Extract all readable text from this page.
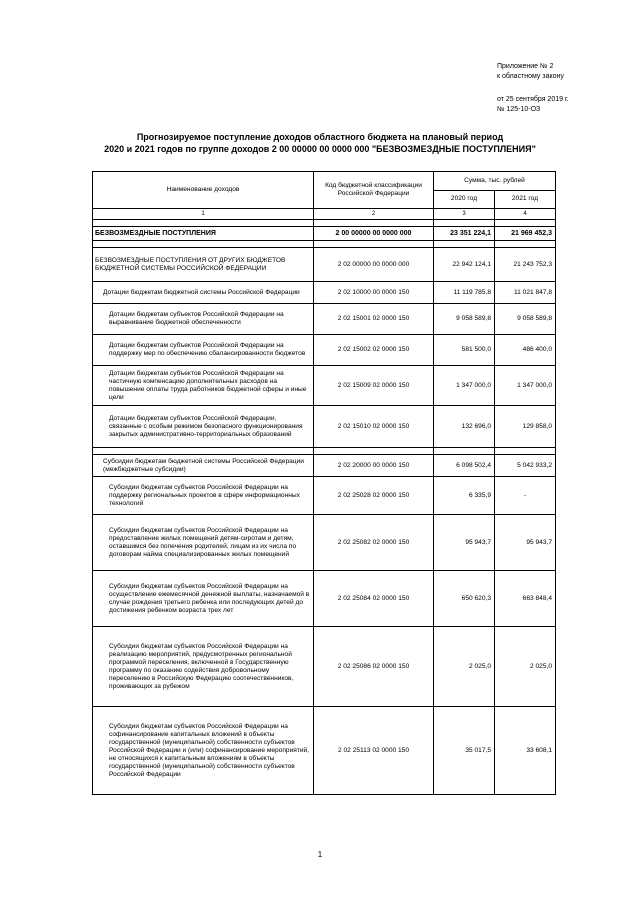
Приложение № 2
к областному закону
от 25 сентября 2019 г.
№ 125-10-ОЗ
Прогнозируемое поступление доходов областного бюджета на плановый период
2020 и 2021 годов по группе доходов 2 00 00000 00 0000 000 "БЕЗВОЗМЕЗДНЫЕ ПОСТУПЛЕНИЯ"
Наименование доходов	Код бюджетной классификации Российской Федерации	Сумма, тыс. рублей	
		2020 год	2021 год
1	2	3	4

БЕЗВОЗМЕЗДНЫЕ ПОСТУПЛЕНИЯ	2 00 00000 00 0000 000	23 351 224,1	21 969 452,3

БЕЗВОЗМЕЗДНЫЕ ПОСТУПЛЕНИЯ ОТ ДРУГИХ БЮДЖЕТОВ БЮДЖЕТНОЙ СИСТЕМЫ РОССИЙСКОЙ ФЕДЕРАЦИИ	2 02 00000 00 0000 000	22 942 124,1	21 243 752,3
Дотации бюджетам бюджетной системы Российской Федерации	2 02 10000 00 0000 150	11 119 785,8	11 021 847,8
Дотации бюджетам субъектов Российской Федерации на выравнивание бюджетной обеспеченности	2 02 15001 02 0000 150	9 058 589,8	9 058 589,8
Дотации бюджетам субъектов Российской Федерации на поддержку мер по обеспечению сбалансированности бюджетов	2 02 15002 02 0000 150	581 500,0	486 400,0
Дотации бюджетам субъектов Российской Федерации на частичную компенсацию дополнительных расходов на повышение оплаты труда работников бюджетной сферы и иные цели	2 02 15009 02 0000 150	1 347 000,0	1 347 000,0
Дотации бюджетам субъектов Российской Федерации, связанные с особым режимом безопасного функционирования закрытых административно-территориальных образований	2 02 15010 02 0000 150	132 696,0	129 858,0

Субсидии бюджетам бюджетной системы Российской Федерации (межбюджетные субсидии)	2 02 20000 00 0000 150	6 098 502,4	5 042 933,2
Субсидии бюджетам субъектов Российской Федерации на поддержку региональных проектов в сфере информационных технологий	2 02 25028 02 0000 150	6 335,9	-
Субсидии бюджетам субъектов Российской Федерации на предоставление жилых помещений детям-сиротам и детям, оставшимся без попечения родителей, лицам из их числа по договорам найма специализированных жилых помещений	2 02 25082 02 0000 150	95 943,7	95 943,7
Субсидии бюджетам субъектов Российской Федерации на осуществление ежемесячной денежной выплаты, назначаемой в случае рождения третьего ребенка или последующих детей до достижения ребенком возраста трех лет	2 02 25084 02 0000 150	650 620,3	663 848,4
Субсидии бюджетам субъектов Российской Федерации на реализацию мероприятий, предусмотренных региональной программой переселения, включенной в Государственную программу по оказанию содействия добровольному переселению в Российскую Федерацию соотечественников, проживающих за рубежом	2 02 25086 02 0000 150	2 025,0	2 025,0
Субсидии бюджетам субъектов Российской Федерации на софинансирование капитальных вложений в объекты государственной (муниципальной) собственности субъектов Российской Федерации и (или) софинансирование мероприятий, не относящихся к капитальным вложениям в объекты государственной (муниципальной) собственности субъектов Российской Федерации	2 02 25113 02 0000 150	35 017,5	33 608,1
1
